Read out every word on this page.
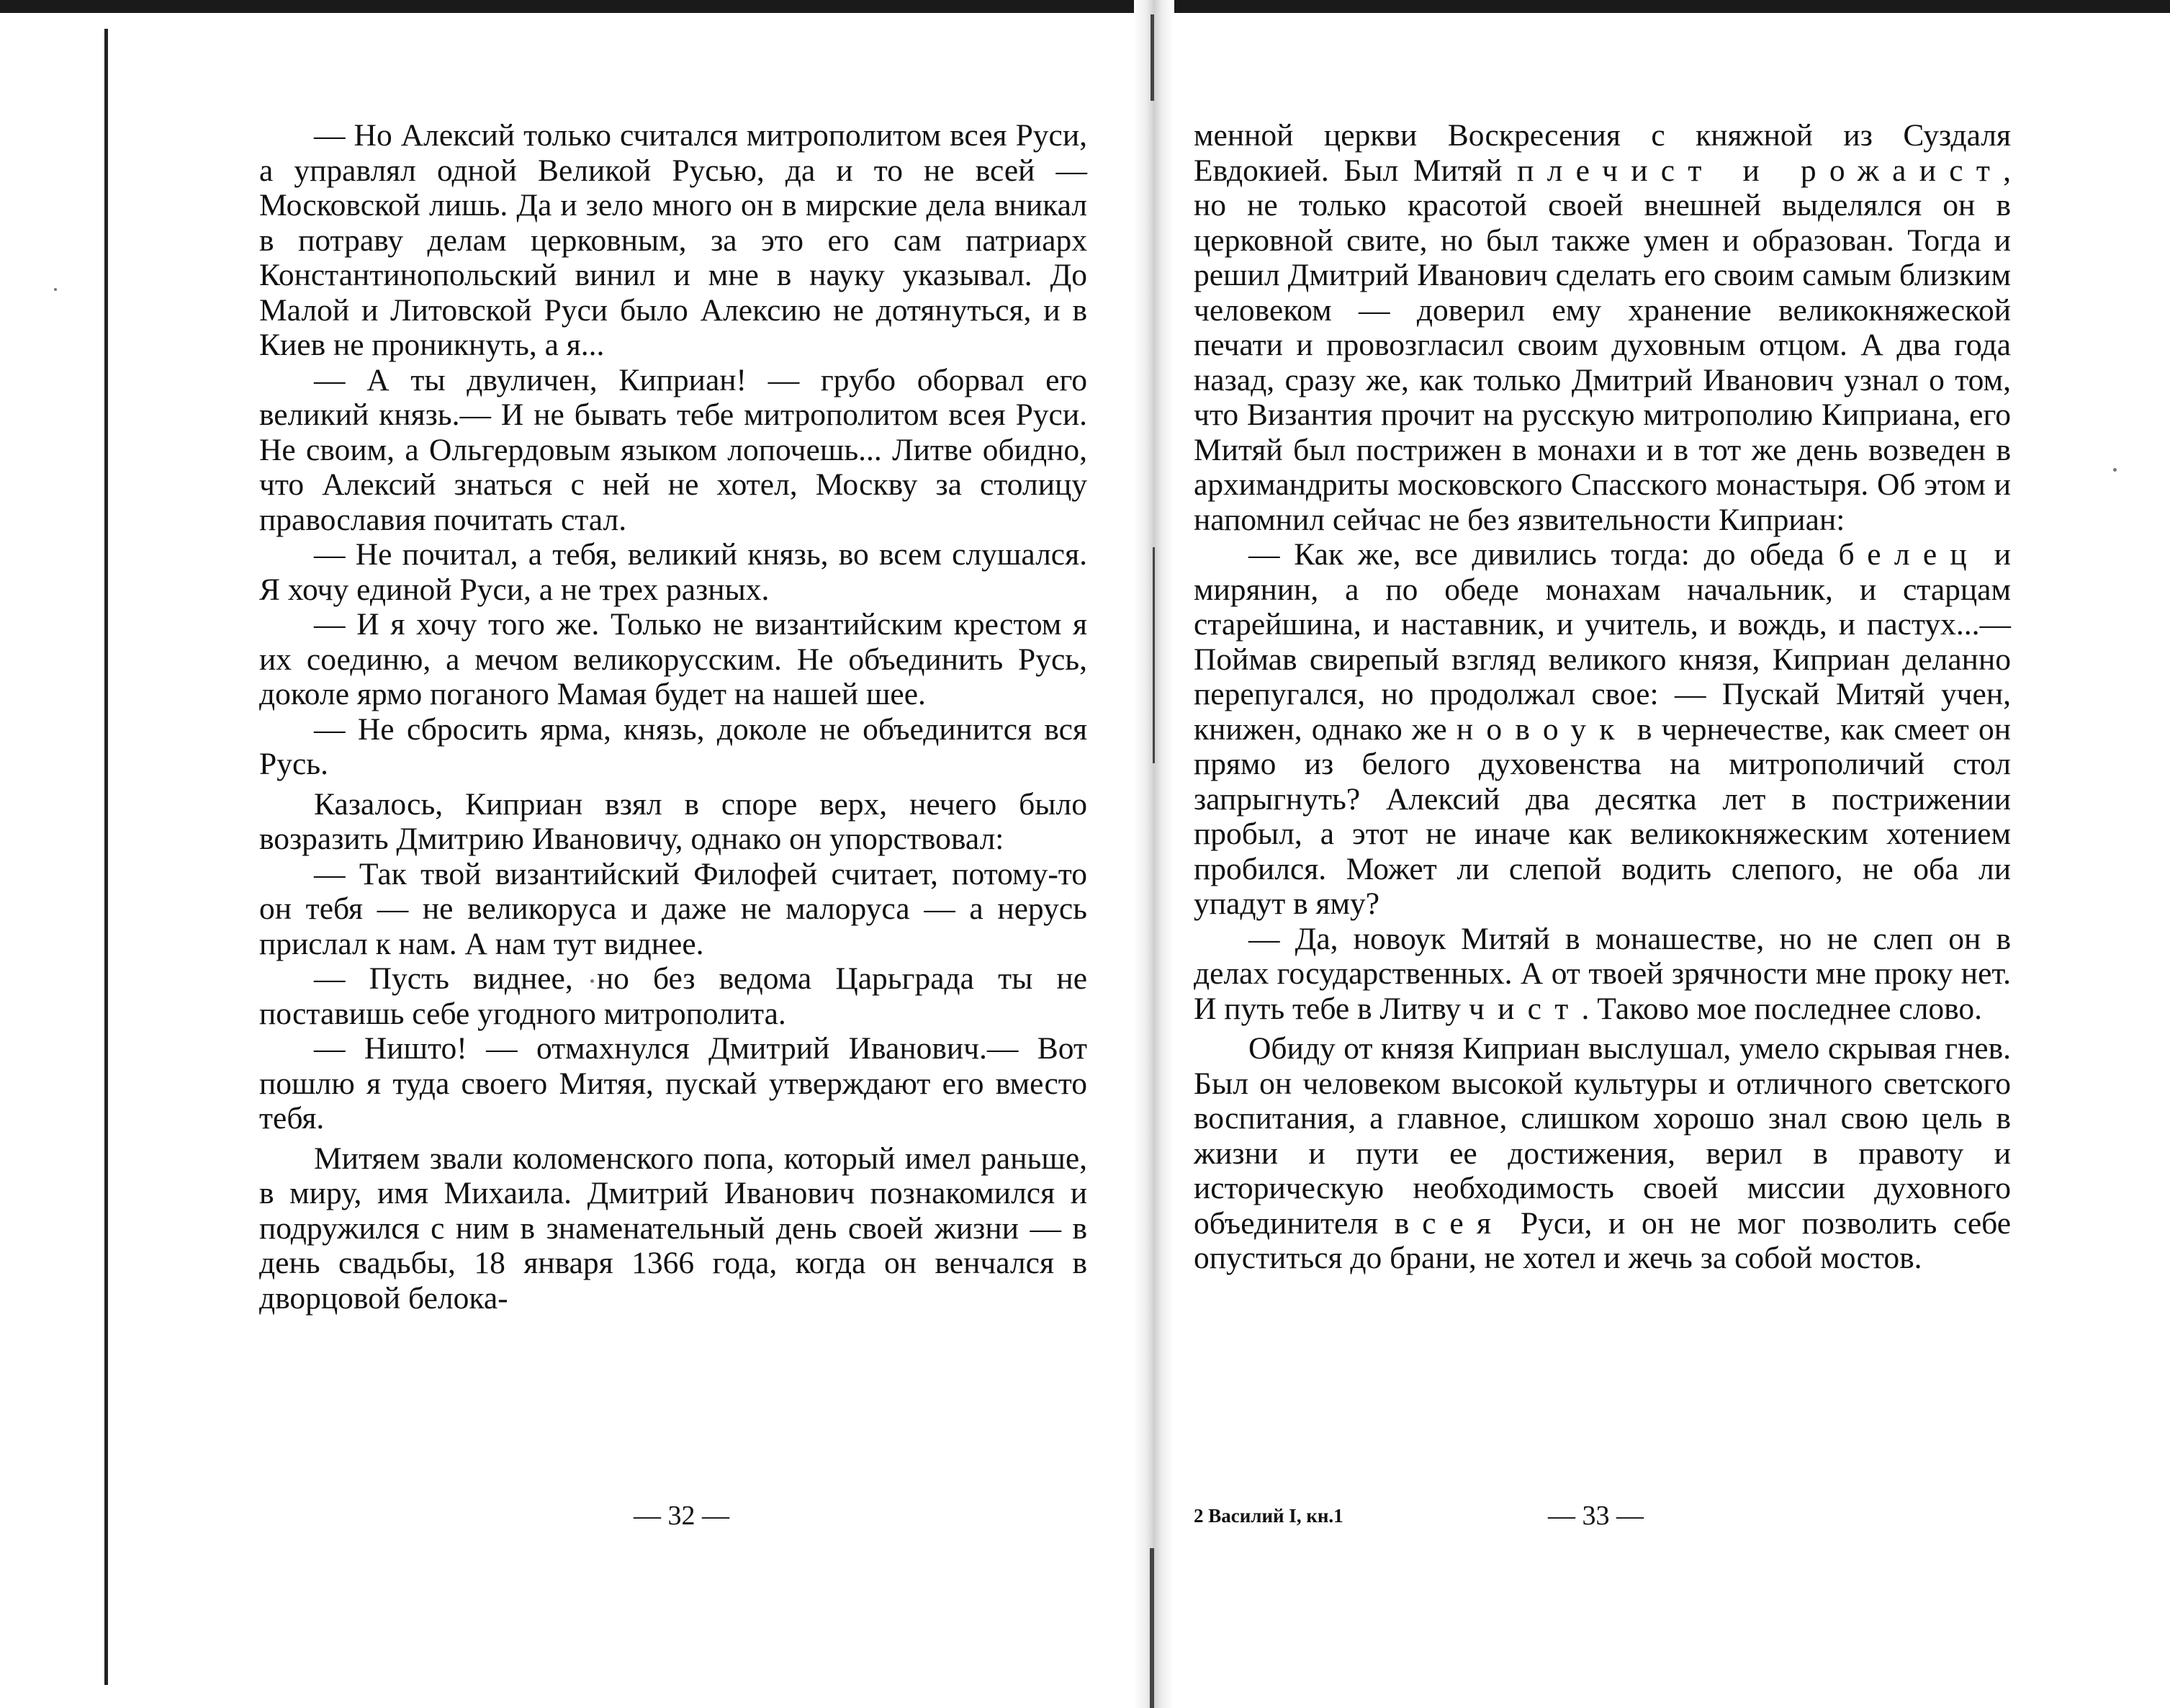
— Но Алексий только считался митрополитом всея Руси, а управлял одной Великой Русью, да и то не всей — Московской лишь. Да и зело много он в мирские дела вникал в потраву делам церковным, за это его сам патриарх Константинопольский винил и мне в науку указывал. До Малой и Литовской Руси было Алексию не дотянуться, и в Киев не проникнуть, а я...

— А ты двуличен, Киприан! — грубо оборвал его великий князь.— И не бывать тебе митрополитом всея Руси. Не своим, а Ольгердовым языком лопочешь... Литве обидно, что Алексий знаться с ней не хотел, Москву за столицу православия почитать стал.

— Не почитал, а тебя, великий князь, во всем слушался. Я хочу единой Руси, а не трех разных.

— И я хочу того же. Только не византийским крестом я их соединю, а мечом великорусским. Не объединить Русь, доколе ярмо поганого Мамая будет на нашей шее.

— Не сбросить ярма, князь, доколе не объединится вся Русь.

Казалось, Киприан взял в споре верх, нечего было возразить Дмитрию Ивановичу, однако он упорствовал:

— Так твой византийский Филофей считает, потому-то он тебя — не великоруса и даже не малоруса — а нерусь прислал к нам. А нам тут виднее.

— Пусть виднее, но без ведома Царьграда ты не поставишь себе угодного митрополита.

— Ништо! — отмахнулся Дмитрий Иванович.— Вот пошлю я туда своего Митяя, пускай утверждают его вместо тебя.

Митяем звали коломенского попа, который имел раньше, в миру, имя Михаила. Дмитрий Иванович познакомился и подружился с ним в знаменательный день своей жизни — в день свадьбы, 18 января 1366 года, когда он венчался в дворцовой белока-

— 32 —

менной церкви Воскресения с княжной из Суздаля Евдокией. Был Митяй плечист и рожаист, но не только красотой своей внешней выделялся он в церковной свите, но был также умен и образован. Тогда и решил Дмитрий Иванович сделать его своим самым близким человеком — доверил ему хранение великокняжеской печати и провозгласил своим духовным отцом. А два года назад, сразу же, как только Дмитрий Иванович узнал о том, что Византия прочит на русскую митрополию Киприана, его Митяй был пострижен в монахи и в тот же день возведен в архимандриты московского Спасского монастыря. Об этом и напомнил сейчас не без язвительности Киприан:

— Как же, все дивились тогда: до обеда белец и мирянин, а по обеде монахам начальник, и старцам старейшина, и наставник, и учитель, и вождь, и пастух...— Поймав свирепый взгляд великого князя, Киприан деланно перепугался, но продолжал свое: — Пускай Митяй учен, книжен, однако же новоук в чернечестве, как смеет он прямо из белого духовенства на митрополичий стол запрыгнуть? Алексий два десятка лет в пострижении пробыл, а этот не иначе как великокняжеским хотением пробился. Может ли слепой водить слепого, не оба ли упадут в яму?

— Да, новоук Митяй в монашестве, но не слеп он в делах государственных. А от твоей зрячности мне проку нет. И путь тебе в Литву чист. Таково мое последнее слово.

Обиду от князя Киприан выслушал, умело скрывая гнев. Был он человеком высокой культуры и отличного светского воспитания, а главное, слишком хорошо знал свою цель в жизни и пути ее достижения, верил в правоту и историческую необходимость своей миссии духовного объединителя всея Руси, и он не мог позволить себе опуститься до брани, не хотел и жечь за собой мостов.

2 Василий I, кн.1	— 33 —
